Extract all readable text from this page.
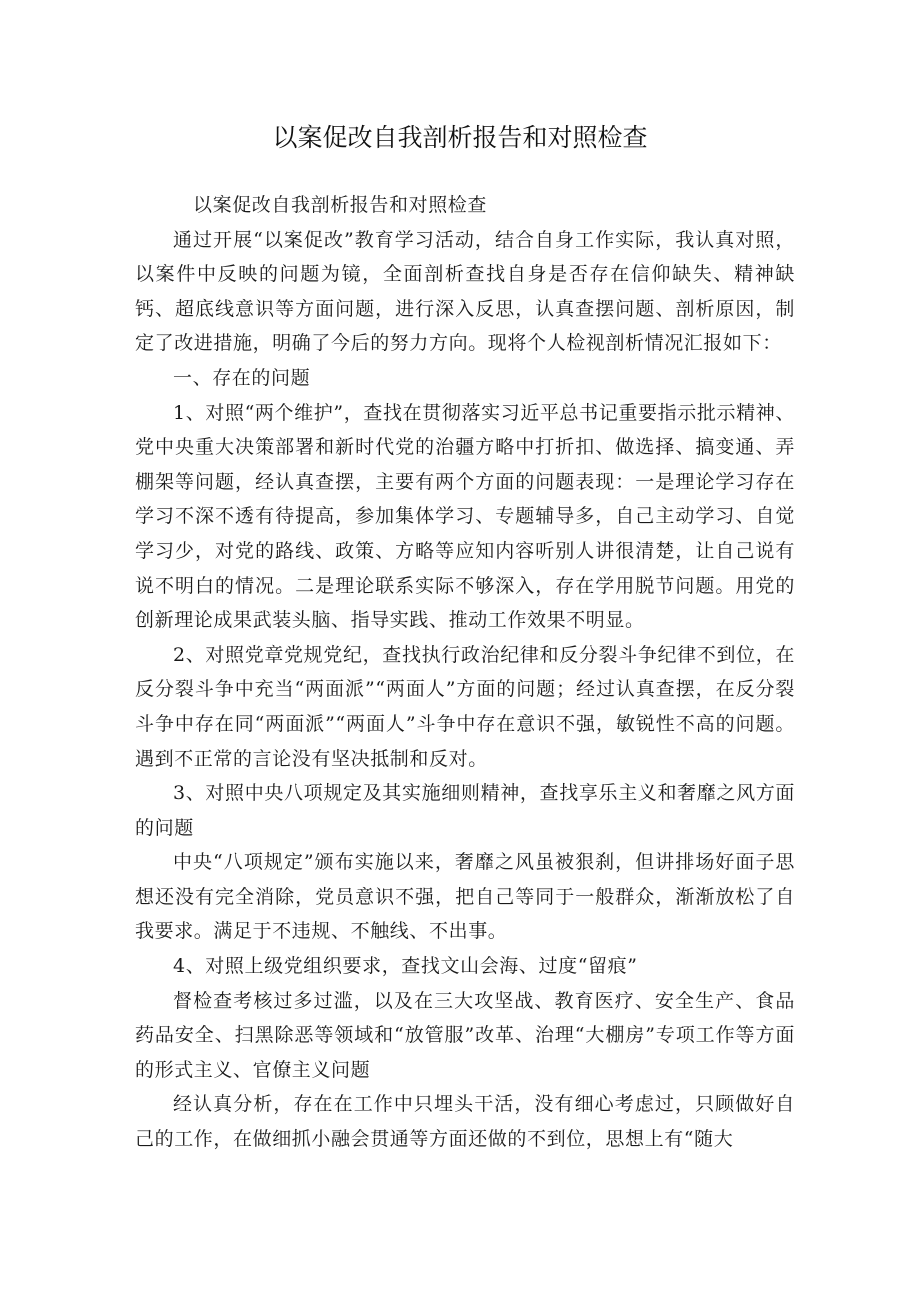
以案促改自我剖析报告和对照检查

以案促改自我剖析报告和对照检查

通过开展“以案促改”教育学习活动，结合自身工作实际，我认真对照，以案件中反映的问题为镜，全面剖析查找自身是否存在信仰缺失、精神缺钙、超底线意识等方面问题，进行深入反思，认真查摆问题、剖析原因，制定了改进措施，明确了今后的努力方向。现将个人检视剖析情况汇报如下：

一、存在的问题

1、对照“两个维护”，查找在贯彻落实习近平总书记重要指示批示精神、党中央重大决策部署和新时代党的治疆方略中打折扣、做选择、搞变通、弄棚架等问题，经认真查摆，主要有两个方面的问题表现：一是理论学习存在学习不深不透有待提高，参加集体学习、专题辅导多，自己主动学习、自觉学习少，对党的路线、政策、方略等应知内容听别人讲很清楚，让自己说有说不明白的情况。二是理论联系实际不够深入，存在学用脱节问题。用党的创新理论成果武装头脑、指导实践、推动工作效果不明显。

2、对照党章党规党纪，查找执行政治纪律和反分裂斗争纪律不到位，在反分裂斗争中充当“两面派”“两面人”方面的问题；经过认真查摆，在反分裂斗争中存在同“两面派”“两面人”斗争中存在意识不强，敏锐性不高的问题。遇到不正常的言论没有坚决抵制和反对。

3、对照中央八项规定及其实施细则精神，查找享乐主义和奢靡之风方面的问题

中央“八项规定”颁布实施以来，奢靡之风虽被狠刹，但讲排场好面子思想还没有完全消除，党员意识不强，把自己等同于一般群众，渐渐放松了自我要求。满足于不违规、不触线、不出事。

4、对照上级党组织要求，查找文山会海、过度“留痕”

督检查考核过多过滥，以及在三大攻坚战、教育医疗、安全生产、食品药品安全、扫黑除恶等领域和“放管服”改革、治理“大棚房”专项工作等方面的形式主义、官僚主义问题

经认真分析，存在在工作中只埋头干活，没有细心考虑过，只顾做好自己的工作，在做细抓小融会贯通等方面还做的不到位，思想上有“随大
